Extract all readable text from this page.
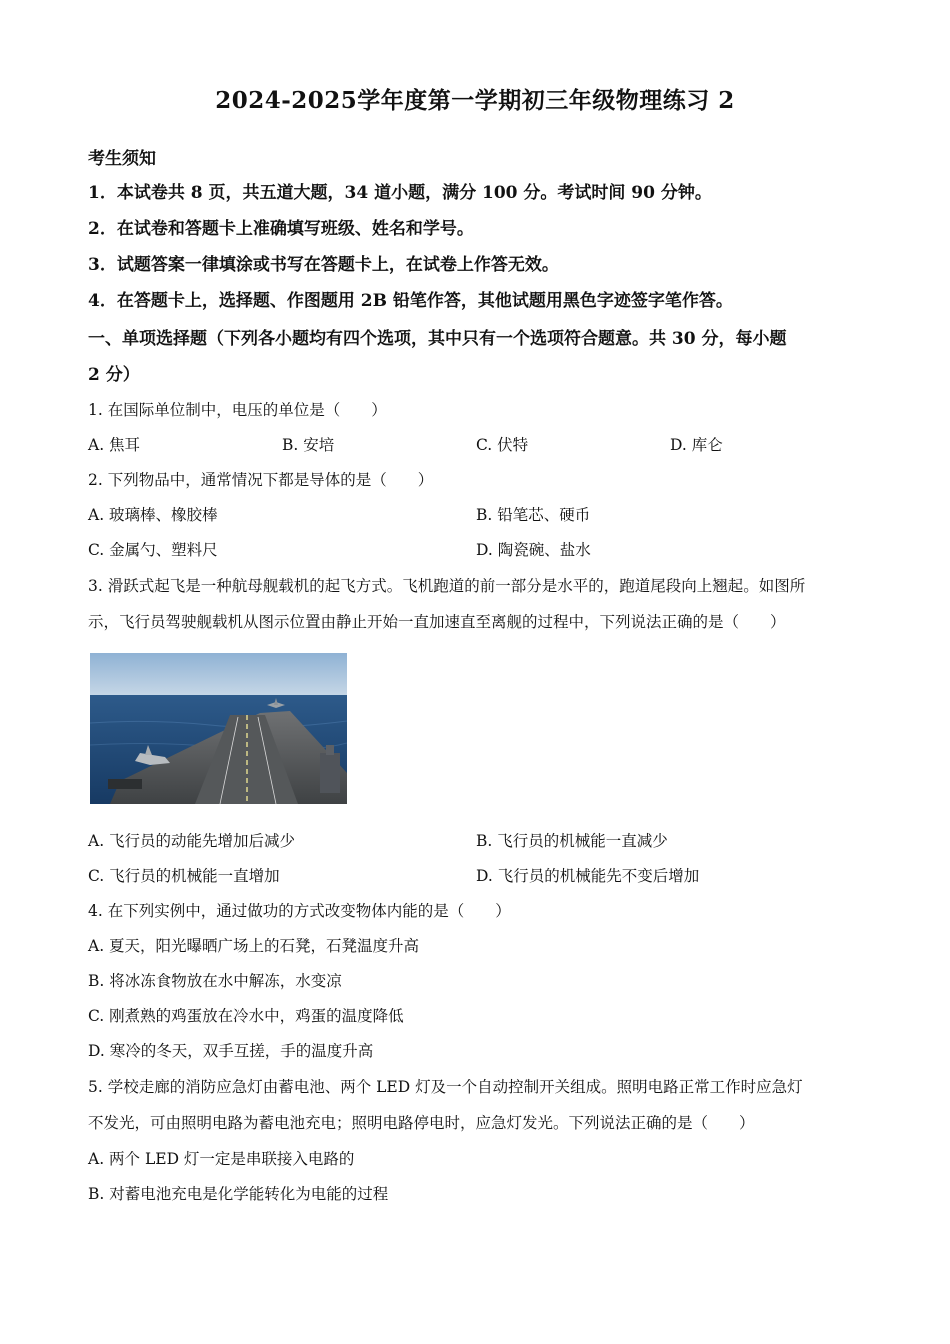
2024-2025学年度第一学期初三年级物理练习 2
考生须知
1．本试卷共 8 页，共五道大题，34 道小题，满分 100 分。考试时间 90 分钟。
2．在试卷和答题卡上准确填写班级、姓名和学号。
3．试题答案一律填涂或书写在答题卡上，在试卷上作答无效。
4．在答题卡上，选择题、作图题用 2B 铅笔作答，其他试题用黑色字迹签字笔作答。
一、单项选择题（下列各小题均有四个选项，其中只有一个选项符合题意。共 30 分，每小题
2 分）
1. 在国际单位制中，电压的单位是（　　）
A. 焦耳	B. 安培	C. 伏特	D. 库仑
2. 下列物品中，通常情况下都是导体的是（　　）
A. 玻璃棒、橡胶棒	B. 铅笔芯、硬币
C. 金属勺、塑料尺	D. 陶瓷碗、盐水
3. 滑跃式起飞是一种航母舰载机的起飞方式。飞机跑道的前一部分是水平的，跑道尾段向上翘起。如图所
示，飞行员驾驶舰载机从图示位置由静止开始一直加速直至离舰的过程中，下列说法正确的是（　　）
A. 飞行员的动能先增加后减少	B. 飞行员的机械能一直减少
C. 飞行员的机械能一直增加	D. 飞行员的机械能先不变后增加
4. 在下列实例中，通过做功的方式改变物体内能的是（　　）
A. 夏天，阳光曝晒广场上的石凳，石凳温度升高
B. 将冰冻食物放在水中解冻，水变凉
C. 刚煮熟的鸡蛋放在冷水中，鸡蛋的温度降低
D. 寒冷的冬天，双手互搓，手的温度升高
5. 学校走廊的消防应急灯由蓄电池、两个 LED 灯及一个自动控制开关组成。照明电路正常工作时应急灯
不发光，可由照明电路为蓄电池充电；照明电路停电时，应急灯发光。下列说法正确的是（　　）
A. 两个 LED 灯一定是串联接入电路的
B. 对蓄电池充电是化学能转化为电能的过程
